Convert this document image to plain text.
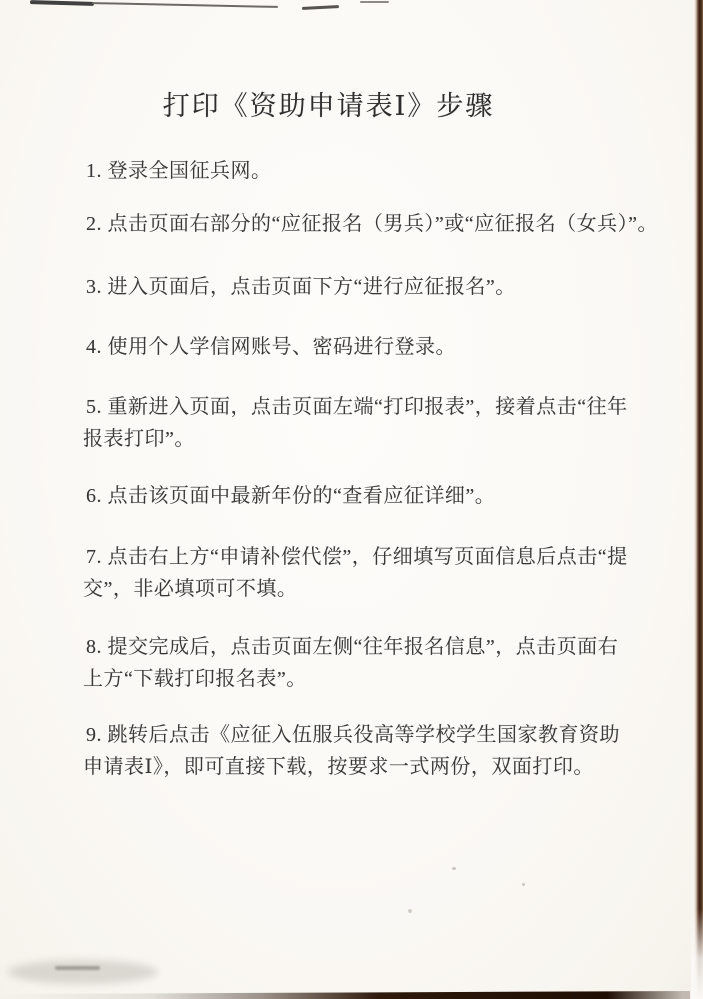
打印《资助申请表Ⅰ》步骤
1. 登录全国征兵网。
2. 点击页面右部分的“应征报名（男兵）”或“应征报名（女兵）”。
3. 进入页面后，点击页面下方“进行应征报名”。
4. 使用个人学信网账号、密码进行登录。
5. 重新进入页面，点击页面左端“打印报表”，接着点击“往年
报表打印”。
6. 点击该页面中最新年份的“查看应征详细”。
7. 点击右上方“申请补偿代偿”，仔细填写页面信息后点击“提
交”，非必填项可不填。
8. 提交完成后，点击页面左侧“往年报名信息”，点击页面右
上方“下载打印报名表”。
9. 跳转后点击《应征入伍服兵役高等学校学生国家教育资助
申请表Ⅰ》，即可直接下载，按要求一式两份，双面打印。
